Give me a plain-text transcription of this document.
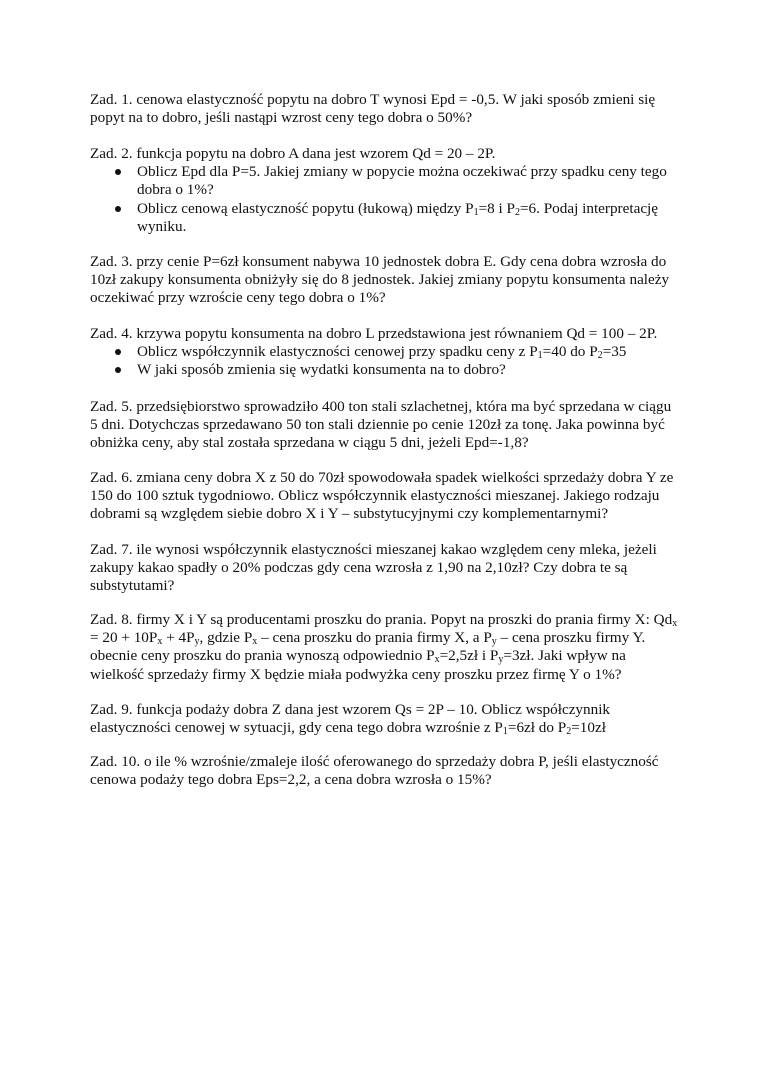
Zad. 1. cenowa elastyczność popytu na dobro T wynosi Epd = -0,5. W jaki sposób zmieni się popyt na to dobro, jeśli nastąpi wzrost ceny tego dobra o 50%?

Zad. 2. funkcja popytu na dobro A dana jest wzorem Qd = 20 – 2P.

Oblicz Epd dla P=5. Jakiej zmiany w popycie można oczekiwać przy spadku ceny tego dobra o 1%?
Oblicz cenową elastyczność popytu (łukową) między $P_1=8$ i $P_2=6$. Podaj interpretację wyniku.

Zad. 3. przy cenie P=6zł konsument nabywa 10 jednostek dobra E. Gdy cena dobra wzrosła do 10zł zakupy konsumenta obniżyły się do 8 jednostek. Jakiej zmiany popytu konsumenta należy oczekiwać przy wzroście ceny tego dobra o 1%?

Zad. 4. krzywa popytu konsumenta na dobro L przedstawiona jest równaniem Qd = 100 – 2P.

Oblicz współczynnik elastyczności cenowej przy spadku ceny z $P_1=40$ do $P_2=35$
W jaki sposób zmienia się wydatki konsumenta na to dobro?

Zad. 5. przedsiębiorstwo sprowadziło 400 ton stali szlachetnej, która ma być sprzedana w ciągu 5 dni. Dotychczas sprzedawano 50 ton stali dziennie po cenie 120zł za tonę. Jaka powinna być obniżka ceny, aby stal została sprzedana w ciągu 5 dni, jeżeli Epd=-1,8?

Zad. 6. zmiana ceny dobra X z 50 do 70zł spowodowała spadek wielkości sprzedaży dobra Y ze 150 do 100 sztuk tygodniowo. Oblicz współczynnik elastyczności mieszanej. Jakiego rodzaju dobrami są względem siebie dobro X i Y – substytucyjnymi czy komplementarnymi?

Zad. 7. ile wynosi współczynnik elastyczności mieszanej kakao względem ceny mleka, jeżeli zakupy kakao spadły o 20% podczas gdy cena wzrosła z 1,90 na 2,10zł? Czy dobra te są substytutami?

Zad. 8. firmy X i Y są producentami proszku do prania. Popyt na proszki do prania firmy X: $Qd_x = 20 + 10P_x + 4P_y$, gdzie $P_x$ – cena proszku do prania firmy X, a $P_y$ – cena proszku firmy Y. obecnie ceny proszku do prania wynoszą odpowiednio $P_x=2,5zł$ i $P_y=3zł$. Jaki wpływ na wielkość sprzedaży firmy X będzie miała podwyżka ceny proszku przez firmę Y o 1%?

Zad. 9. funkcja podaży dobra Z dana jest wzorem Qs = 2P – 10. Oblicz współczynnik elastyczności cenowej w sytuacji, gdy cena tego dobra wzrośnie z $P_1=6zł$ do $P_2=10zł$

Zad. 10. o ile % wzrośnie/zmaleje ilość oferowanego do sprzedaży dobra P, jeśli elastyczność cenowa podaży tego dobra Eps=2,2, a cena dobra wzrosła o 15%?
